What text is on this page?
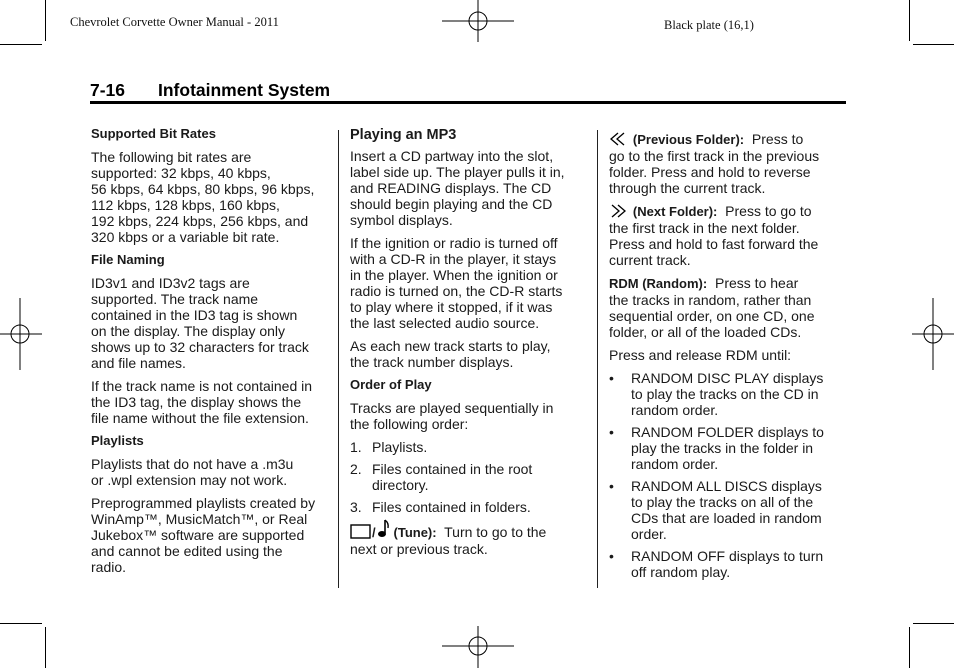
Chevrolet Corvette Owner Manual - 2011	Black plate (16,1)
7-16 Infotainment System
Supported Bit Rates

The following bit rates are
supported: 32 kbps, 40 kbps,
56 kbps, 64 kbps, 80 kbps, 96 kbps,
112 kbps, 128 kbps, 160 kbps,
192 kbps, 224 kbps, 256 kbps, and
320 kbps or a variable bit rate.

File Naming

ID3v1 and ID3v2 tags are
supported. The track name
contained in the ID3 tag is shown
on the display. The display only
shows up to 32 characters for track
and file names.

If the track name is not contained in
the ID3 tag, the display shows the
file name without the file extension.

Playlists

Playlists that do not have a .m3u
or .wpl extension may not work.

Preprogrammed playlists created by
WinAmp™, MusicMatch™, or Real
Jukebox™ software are supported
and cannot be edited using the
radio.

Playing an MP3

Insert a CD partway into the slot,
label side up. The player pulls it in,
and READING displays. The CD
should begin playing and the CD
symbol displays.

If the ignition or radio is turned off
with a CD-R in the player, it stays
in the player. When the ignition or
radio is turned on, the CD-R starts
to play where it stopped, if it was
the last selected audio source.

As each new track starts to play,
the track number displays.

Order of Play

Tracks are played sequentially in
the following order:

1. Playlists.
2. Files contained in the root
directory.
3. Files contained in folders.

/ (Tune): Turn to go to the
next or previous track.

(Previous Folder): Press to
go to the first track in the previous
folder. Press and hold to reverse
through the current track.

(Next Folder): Press to go to
the first track in the next folder.
Press and hold to fast forward the
current track.

RDM (Random): Press to hear
the tracks in random, rather than
sequential order, on one CD, one
folder, or all of the loaded CDs.

Press and release RDM until:

• RANDOM DISC PLAY displays
to play the tracks on the CD in
random order.
• RANDOM FOLDER displays to
play the tracks in the folder in
random order.
• RANDOM ALL DISCS displays
to play the tracks on all of the
CDs that are loaded in random
order.
• RANDOM OFF displays to turn
off random play.
